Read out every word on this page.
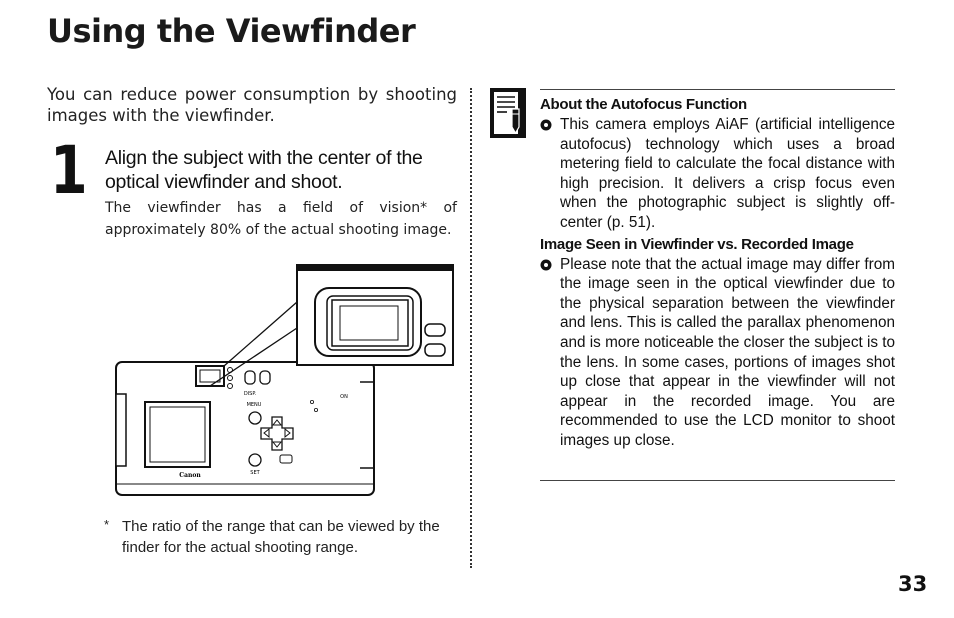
Using the Viewfinder

You can reduce power consumption by shooting images with the viewfinder.

1 Align the subject with the center of the optical viewfinder and shoot.

The viewfinder has a field of vision* of approximately 80% of the actual shooting image.

DISP.
MENU
SET
ON
Canon
* The ratio of the range that can be viewed by the finder for the actual shooting range.

About the Autofocus Function
This camera employs AiAF (artificial intelligence autofocus) technology which uses a broad metering field to calculate the focal distance with high precision. It delivers a crisp focus even when the photographic subject is slightly off-center (p. 51).
Image Seen in Viewfinder vs. Recorded Image
Please note that the actual image may differ from the image seen in the optical viewfinder due to the physical separation between the viewfinder and lens. This is called the parallax phenomenon and is more noticeable the closer the subject is to the lens. In some cases, portions of images shot up close that appear in the viewfinder will not appear in the recorded image. You are recommended to use the LCD monitor to shoot images up close.
33
